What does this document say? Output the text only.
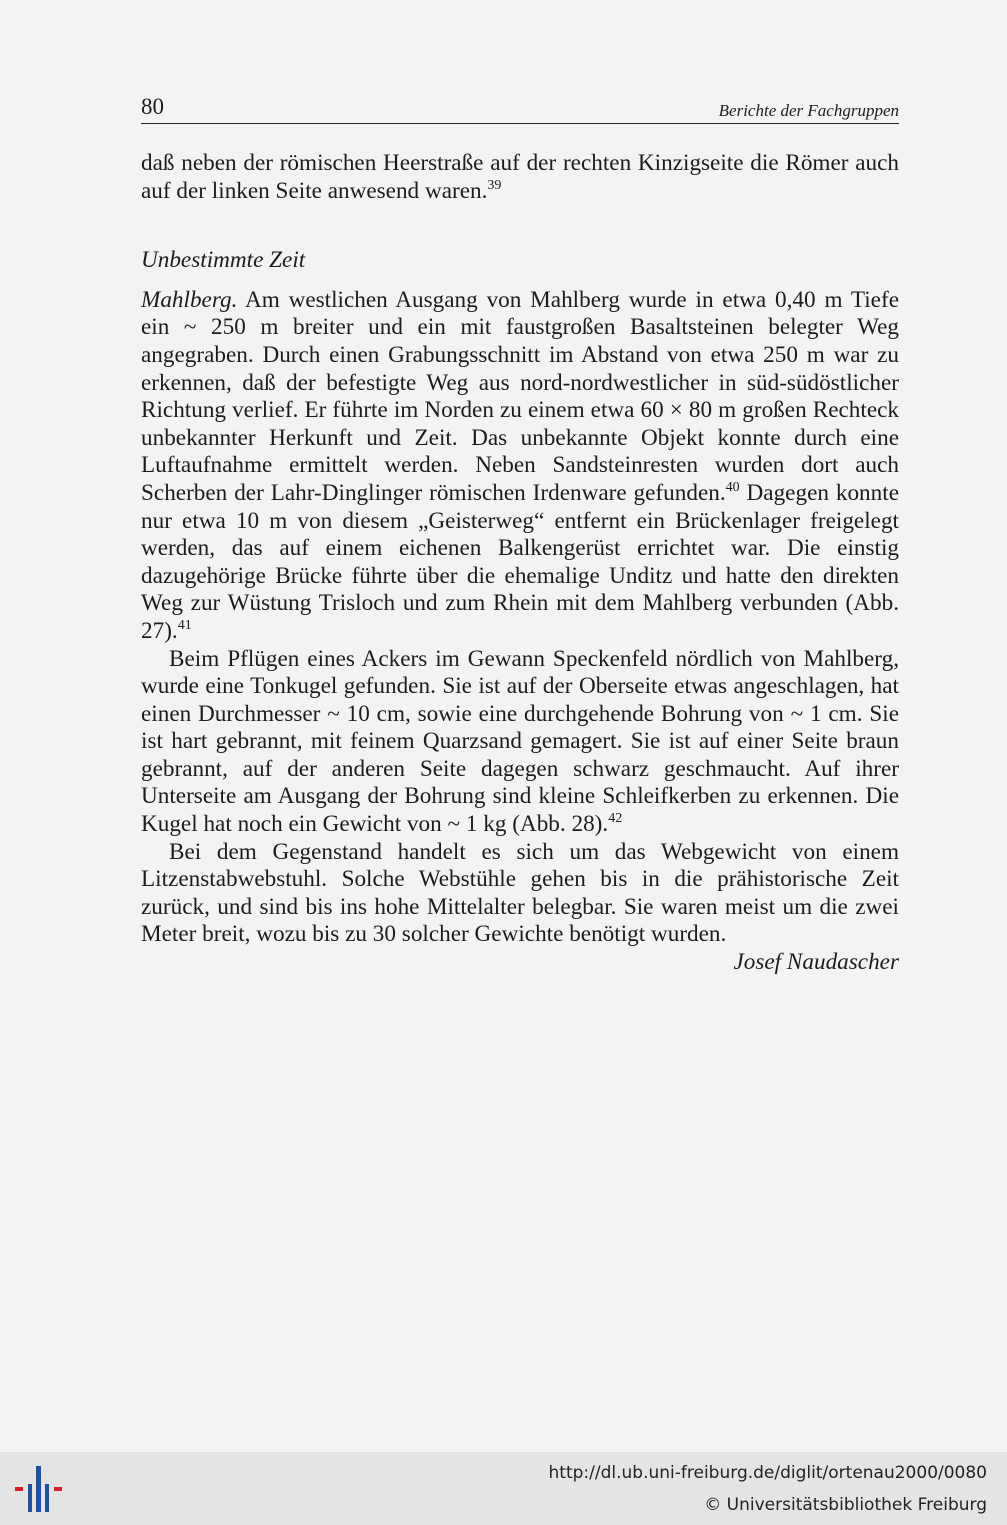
80	Berichte der Fachgruppen

daß neben der römischen Heerstraße auf der rechten Kinzigseite die Römer auch auf der linken Seite anwesend waren.$^{39}$

Unbestimmte Zeit

Mahlberg. Am westlichen Ausgang von Mahlberg wurde in etwa 0,40 m Tiefe ein ~ 250 m breiter und ein mit faustgroßen Basaltsteinen belegter Weg angegraben. Durch einen Grabungsschnitt im Abstand von etwa 250 m war zu erkennen, daß der befestigte Weg aus nord-nordwestlicher in süd-südöstlicher Richtung verlief. Er führte im Norden zu einem etwa 60 × 80 m großen Rechteck unbekannter Herkunft und Zeit. Das unbekannte Objekt konnte durch eine Luftaufnahme ermittelt werden. Neben Sandsteinresten wurden dort auch Scherben der Lahr-Dinglinger römischen Irdenware gefunden.$^{40}$ Dagegen konnte nur etwa 10 m von diesem „Geisterweg“ entfernt ein Brückenlager freigelegt werden, das auf einem eichenen Balkengerüst errichtet war. Die einstig dazugehörige Brücke führte über die ehemalige Unditz und hatte den direkten Weg zur Wüstung Trisloch und zum Rhein mit dem Mahlberg verbunden (Abb. 27).$^{41}$

Beim Pflügen eines Ackers im Gewann Speckenfeld nördlich von Mahlberg, wurde eine Tonkugel gefunden. Sie ist auf der Oberseite etwas angeschlagen, hat einen Durchmesser ~ 10 cm, sowie eine durchgehende Bohrung von ~ 1 cm. Sie ist hart gebrannt, mit feinem Quarzsand gemagert. Sie ist auf einer Seite braun gebrannt, auf der anderen Seite dagegen schwarz geschmaucht. Auf ihrer Unterseite am Ausgang der Bohrung sind kleine Schleifkerben zu erkennen. Die Kugel hat noch ein Gewicht von ~ 1 kg (Abb. 28).$^{42}$

Bei dem Gegenstand handelt es sich um das Webgewicht von einem Litzenstabwebstuhl. Solche Webstühle gehen bis in die prähistorische Zeit zurück, und sind bis ins hohe Mittelalter belegbar. Sie waren meist um die zwei Meter breit, wozu bis zu 30 solcher Gewichte benötigt wurden.

Josef Naudascher

http://dl.ub.uni-freiburg.de/diglit/ortenau2000/0080
© Universitätsbibliothek Freiburg
